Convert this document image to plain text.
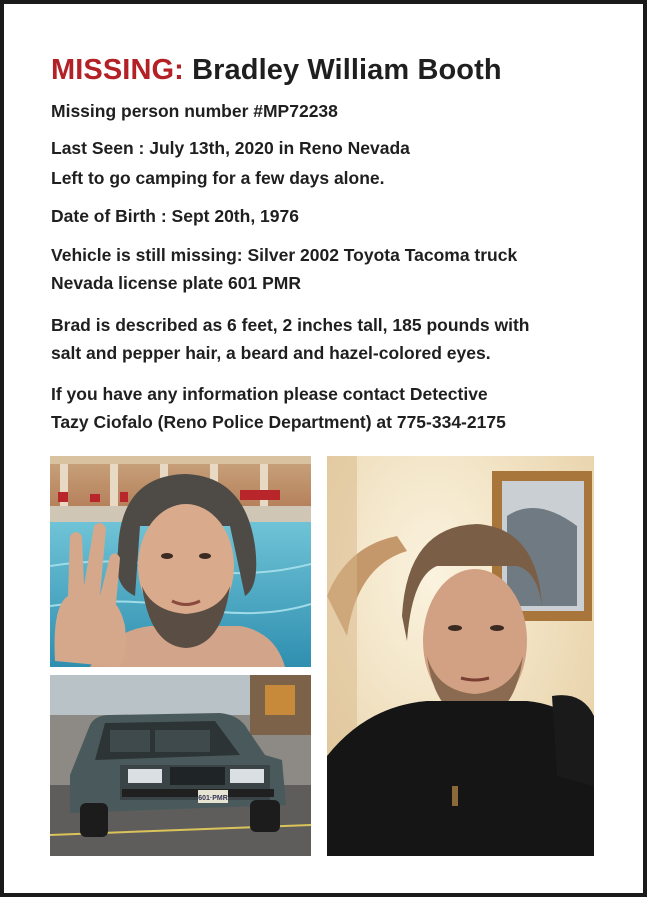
MISSING: Bradley William Booth
Missing person number #MP72238
Last Seen : July 13th, 2020 in Reno Nevada
Left to go camping for a few days alone.
Date of Birth : Sept 20th, 1976
Vehicle is still missing: Silver 2002 Toyota Tacoma truck
Nevada license plate 601 PMR
Brad is described as 6 feet, 2 inches tall, 185 pounds with
salt and pepper hair, a beard and hazel-colored eyes.
If you have any information please contact Detective
Tazy Ciofalo (Reno Police Department) at 775-334-2175
601·PMR
